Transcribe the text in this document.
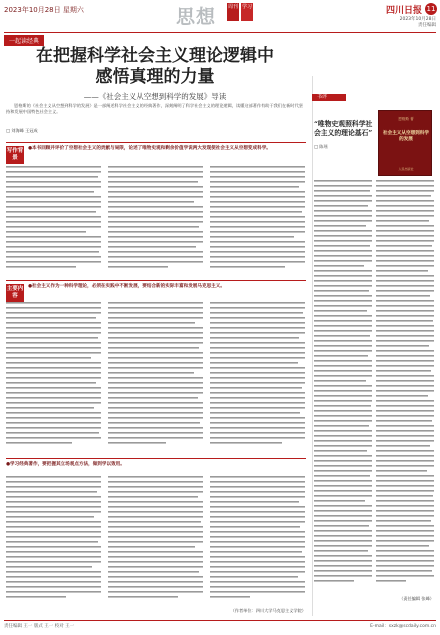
2023年10月28日 星期六	思想 周刊 学习	四川日报 11
2023年10月28日
责任编辑
一起读经典
在把握科学社会主义理论逻辑中
感悟真理的力量
——《社会主义从空想到科学的发展》导读
恩格斯的《社会主义从空想到科学的发展》是一部阐述科学社会主义的经典著作，深刻阐明了科学社会主义的理论逻辑，读懂这部著作有助于我们在新时代坚持和发展中国特色社会主义。
□ 刘海峰 王冠成
写作背景
●本书回顾并评价了空想社会主义的贡献与局限，论述了唯物史观和剩余价值学说两大发现使社会主义从空想变成科学。
主要内容
●社会主义作为一种科学理论，必须在实践中不断发展，要结合新的实际丰富和发展马克思主义。
●学习经典著作，要把握其立场观点方法，做到学以致用。
（作者单位：四川大学马克思主义学院）
书评
“唯物史观照科学社会主义的理论基石”
□ 陈瑶
恩格斯 著
社会主义从空想到科学的发展
人民出版社
（责任编辑 张峰）
责任编辑 王一 版式 王一 校对 王一	E-mail：sxzk@scdaily.com.cn
